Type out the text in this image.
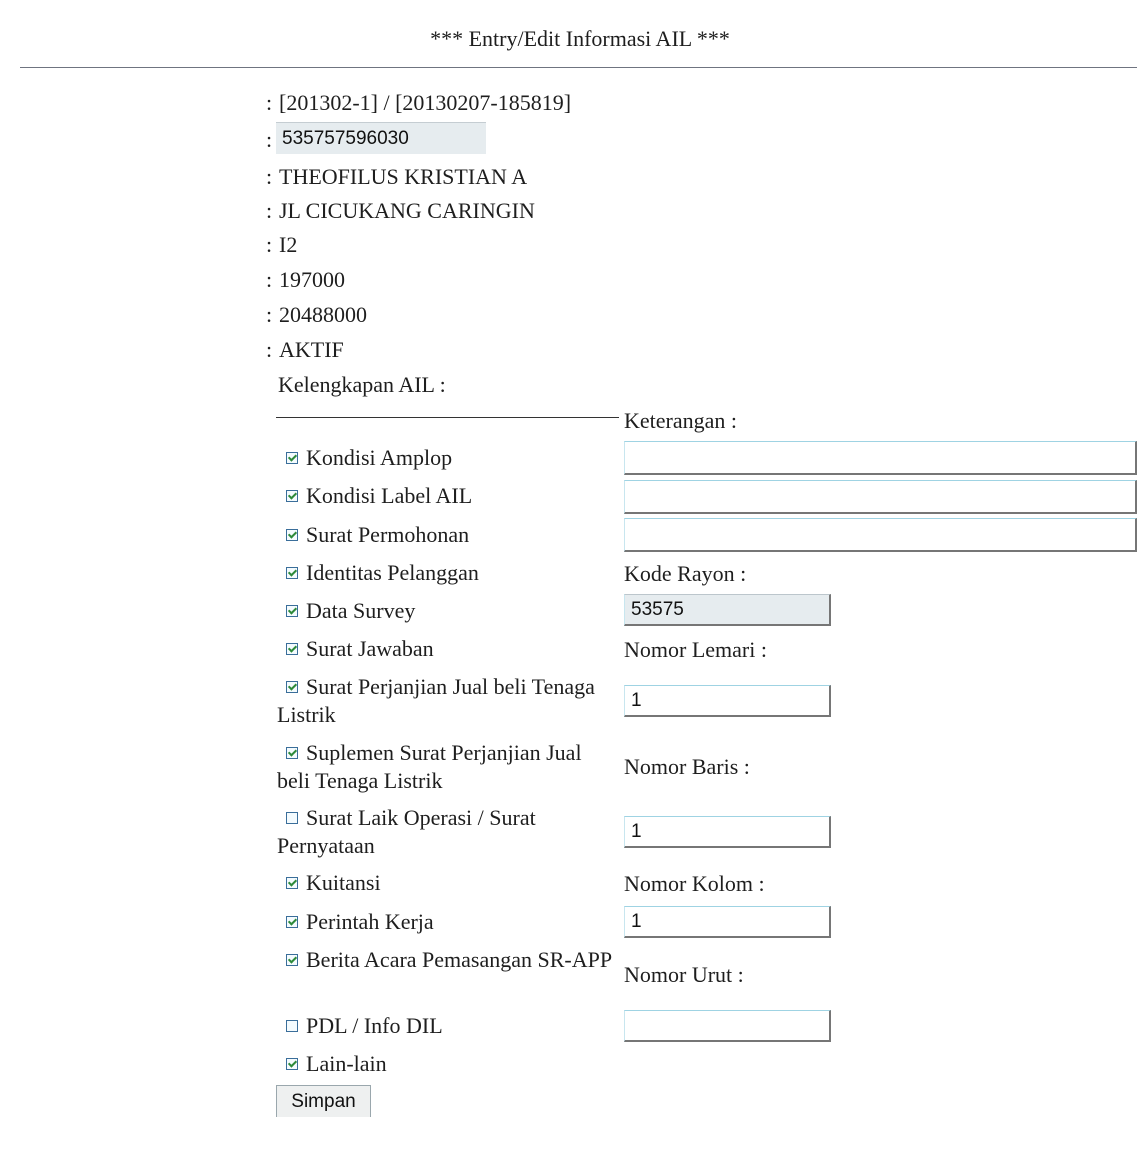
*** Entry/Edit Informasi AIL ***
: [201302-1] / [20130207-185819]
: 535757596030
: THEOFILUS KRISTIAN A
: JL CICUKANG CARINGIN
: I2
: 197000
: 20488000
: AKTIF
Kelengkapan AIL :
Kondisi Amplop
Kondisi Label AIL
Surat Permohonan
Identitas Pelanggan
Data Survey
Surat Jawaban
Surat Perjanjian Jual beli Tenaga Listrik
Suplemen Surat Perjanjian Jual beli Tenaga Listrik
Surat Laik Operasi / Surat Pernyataan
Kuitansi
Perintah Kerja
Berita Acara Pemasangan SR-APP
PDL / Info DIL
Lain-lain
Keterangan :
Kode Rayon :
53575
Nomor Lemari :
1
Nomor Baris :
1
Nomor Kolom :
1
Nomor Urut :
Simpan
